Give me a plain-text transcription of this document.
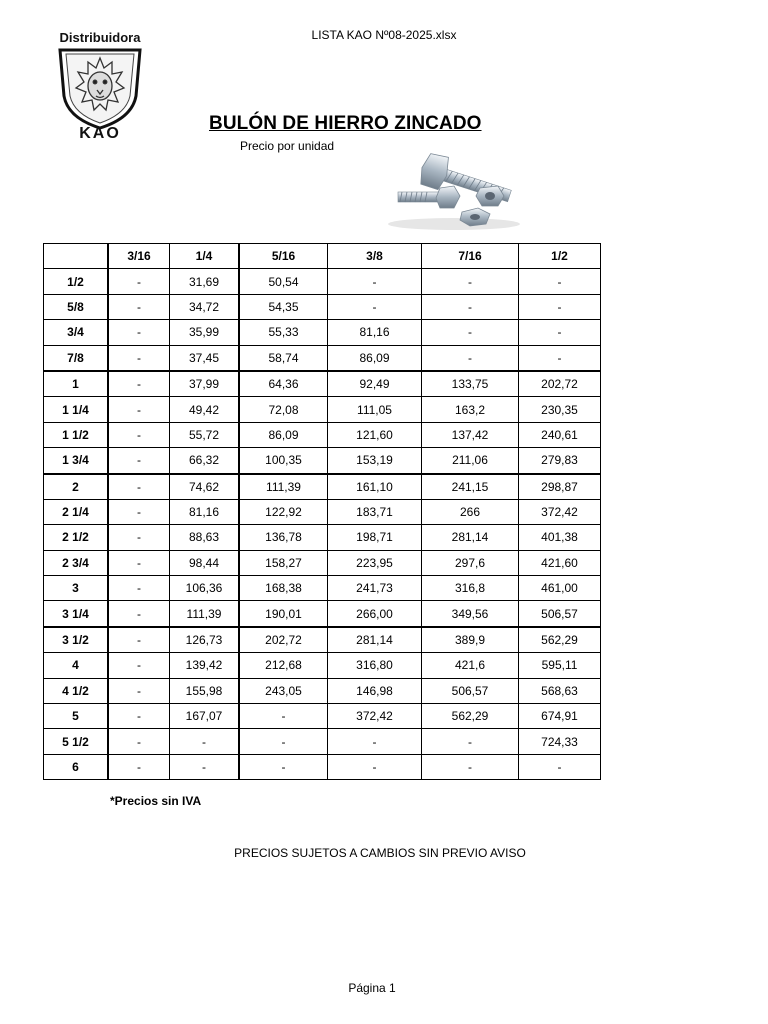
LISTA KAO Nº08-2025.xlsx
Distribuidora
KAO	BULÓN DE HIERRO ZINCADO
Precio por unidad
	3/16	1/4	5/16	3/8	7/16	1/2
1/2	-	31,69	50,54	-	-	-
5/8	-	34,72	54,35	-	-	-
3/4	-	35,99	55,33	81,16	-	-
7/8	-	37,45	58,74	86,09	-	-
1	-	37,99	64,36	92,49	133,75	202,72
1 1/4	-	49,42	72,08	111,05	163,2	230,35
1 1/2	-	55,72	86,09	121,60	137,42	240,61
1 3/4	-	66,32	100,35	153,19	211,06	279,83
2	-	74,62	111,39	161,10	241,15	298,87
2 1/4	-	81,16	122,92	183,71	266	372,42
2 1/2	-	88,63	136,78	198,71	281,14	401,38
2 3/4	-	98,44	158,27	223,95	297,6	421,60
3	-	106,36	168,38	241,73	316,8	461,00
3 1/4	-	111,39	190,01	266,00	349,56	506,57
3 1/2	-	126,73	202,72	281,14	389,9	562,29
4	-	139,42	212,68	316,80	421,6	595,11
4 1/2	-	155,98	243,05	146,98	506,57	568,63
5	-	167,07	-	372,42	562,29	674,91
5 1/2	-	-	-	-	-	724,33
6	-	-	-	-	-	-
*Precios sin IVA
PRECIOS SUJETOS A CAMBIOS SIN PREVIO AVISO
Página 1
